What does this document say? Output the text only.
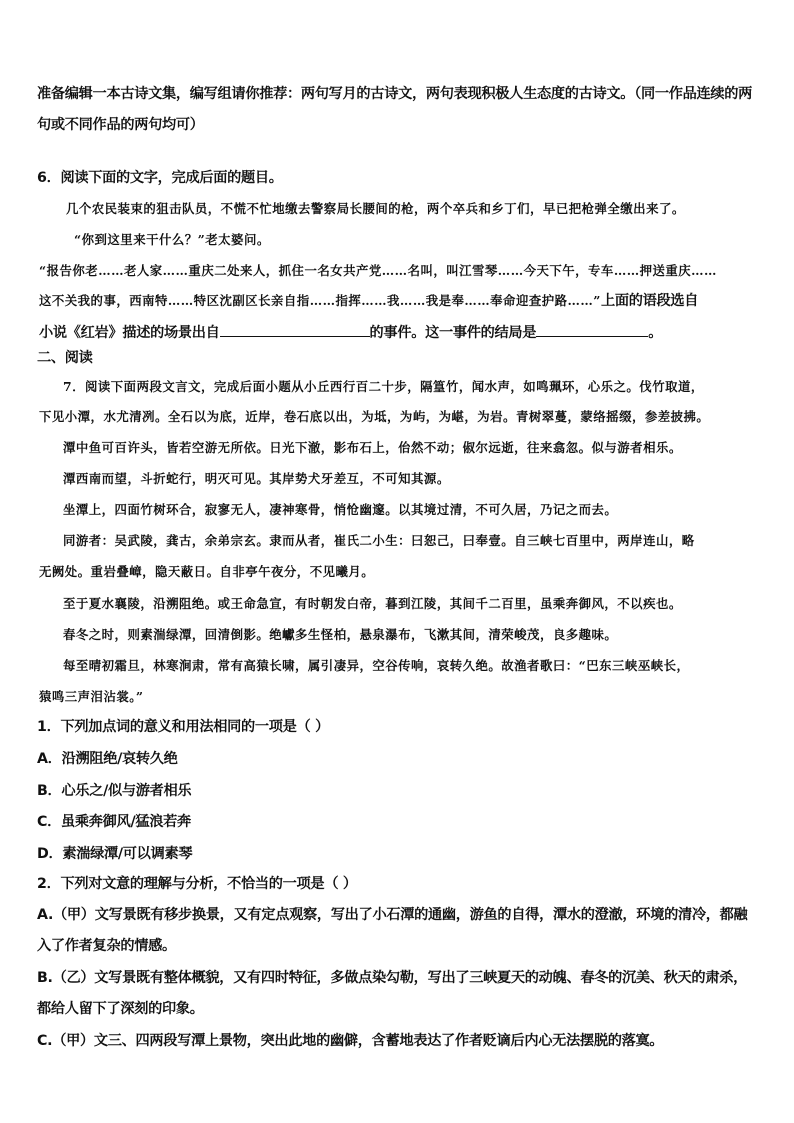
准备编辑一本古诗文集，编写组请你推荐：两句写月的古诗文，两句表现积极人生态度的古诗文。（同一作品连续的两
句或不同作品的两句均可）
6．阅读下面的文字，完成后面的题目。
几个农民装束的狙击队员，不慌不忙地缴去警察局长腰间的枪，两个卒兵和乡丁们，早已把枪弹全缴出来了。
“你到这里来干什么？”老太婆问。
“报告你老……老人家……重庆二处来人，抓住一名女共产党……名叫，叫江雪琴……今天下午，专车……押送重庆……
这不关我的事，西南特……特区沈副区长亲自指……指挥……我……我是奉……奉命迎查护路……”上面的语段选自
小说《红岩》描述的场景出自	的事件。这一事件的结局是	。
二、阅读
7．阅读下面两段文言文，完成后面小题从小丘西行百二十步，隔篁竹，闻水声，如鸣珮环，心乐之。伐竹取道，
下见小潭，水尤清冽。全石以为底，近岸，卷石底以出，为坻，为屿，为嵁，为岩。青树翠蔓，蒙络摇缀，参差披拂。
潭中鱼可百许头，皆若空游无所依。日光下澈，影布石上，佁然不动；俶尔远逝，往来翕忽。似与游者相乐。
潭西南而望，斗折蛇行，明灭可见。其岸势犬牙差互，不可知其源。
坐潭上，四面竹树环合，寂寥无人，凄神寒骨，悄怆幽邃。以其境过清，不可久居，乃记之而去。
同游者：吴武陵，龚古，余弟宗玄。隶而从者，崔氏二小生：曰恕己，曰奉壹。自三峡七百里中，两岸连山，略
无阙处。重岩叠嶂，隐天蔽日。自非亭午夜分，不见曦月。
至于夏水襄陵，沿溯阻绝。或王命急宣，有时朝发白帝，暮到江陵，其间千二百里，虽乘奔御风，不以疾也。
春冬之时，则素湍绿潭，回清倒影。绝巘多生怪柏，悬泉瀑布，飞漱其间，清荣峻茂，良多趣味。
每至晴初霜旦，林寒涧肃，常有高猿长啸，属引凄异，空谷传响，哀转久绝。故渔者歌曰：“巴东三峡巫峡长，
猿鸣三声泪沾裳。”
1．下列加点词的意义和用法相同的一项是（ ）
A．沿溯阻绝/哀转久绝
B．心乐之/似与游者相乐
C．虽乘奔御风/猛浪若奔
D．素湍绿潭/可以调素琴
2．下列对文意的理解与分析，不恰当的一项是（ ）
A.（甲）文写景既有移步换景，又有定点观察，写出了小石潭的通幽，游鱼的自得，潭水的澄澈，环境的清冷，都融
入了作者复杂的情感。
B.（乙）文写景既有整体概貌，又有四时特征，多做点染勾勒，写出了三峡夏天的动魄、春冬的沉美、秋天的肃杀，
都给人留下了深刻的印象。
C.（甲）文三、四两段写潭上景物，突出此地的幽僻，含蓄地表达了作者贬谪后内心无法摆脱的落寞。
